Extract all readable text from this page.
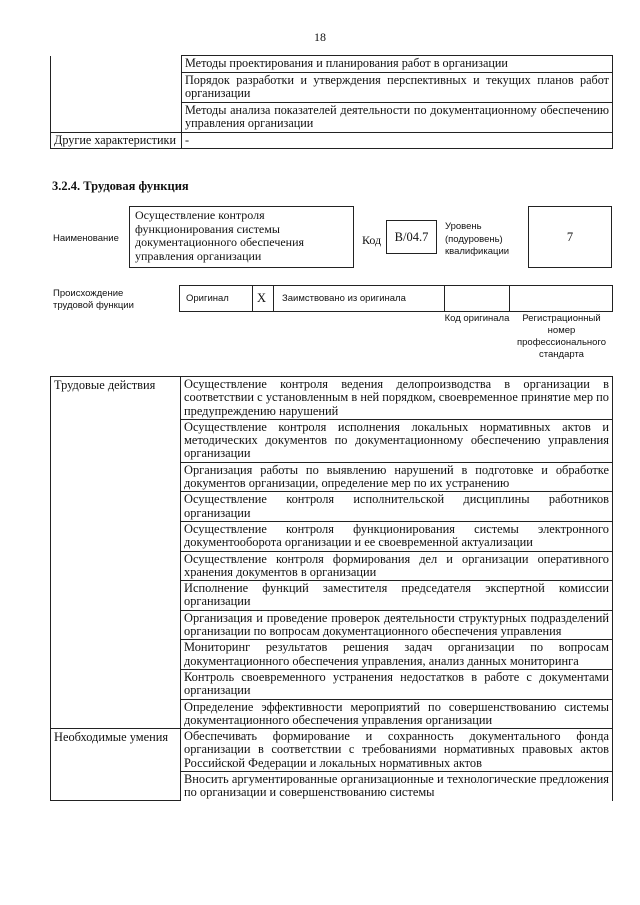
18
	Методы проектирования и планирования работ в организации
	Порядок разработки и утверждения перспективных и текущих планов работ организации
	Методы анализа показателей деятельности по документационному обеспечению управления организации
Другие характеристики	-
3.2.4. Трудовая функция
Наименование
Осуществление контроля функционирования системы документационного обеспечения управления организации
Код	B/04.7
Уровень (подуровень) квалификации
7
Происхождение трудовой функции
Оригинал X Заимствовано из оригинала
Код оригинала	Регистрационный номер профессионального стандарта
Трудовые действия	Осуществление контроля ведения делопроизводства в организации в соответствии с установленным в ней порядком, своевременное принятие мер по предупреждению нарушений
	Осуществление контроля исполнения локальных нормативных актов и методических документов по документационному обеспечению управления организации
	Организация работы по выявлению нарушений в подготовке и обработке документов организации, определение мер по их устранению
	Осуществление контроля исполнительской дисциплины работников организации
	Осуществление контроля функционирования системы электронного документооборота организации и ее своевременной актуализации
	Осуществление контроля формирования дел и организации оперативного хранения документов в организации
	Исполнение функций заместителя председателя экспертной комиссии организации
	Организация и проведение проверок деятельности структурных подразделений организации по вопросам документационного обеспечения управления
	Мониторинг результатов решения задач организации по вопросам документационного обеспечения управления, анализ данных мониторинга
	Контроль своевременного устранения недостатков в работе с документами организации
	Определение эффективности мероприятий по совершенствованию системы документационного обеспечения управления организации
Необходимые умения	Обеспечивать формирование и сохранность документального фонда организации в соответствии с требованиями нормативных правовых актов Российской Федерации и локальных нормативных актов
	Вносить аргументированные организационные и технологические предложения по организации и совершенствованию системы
